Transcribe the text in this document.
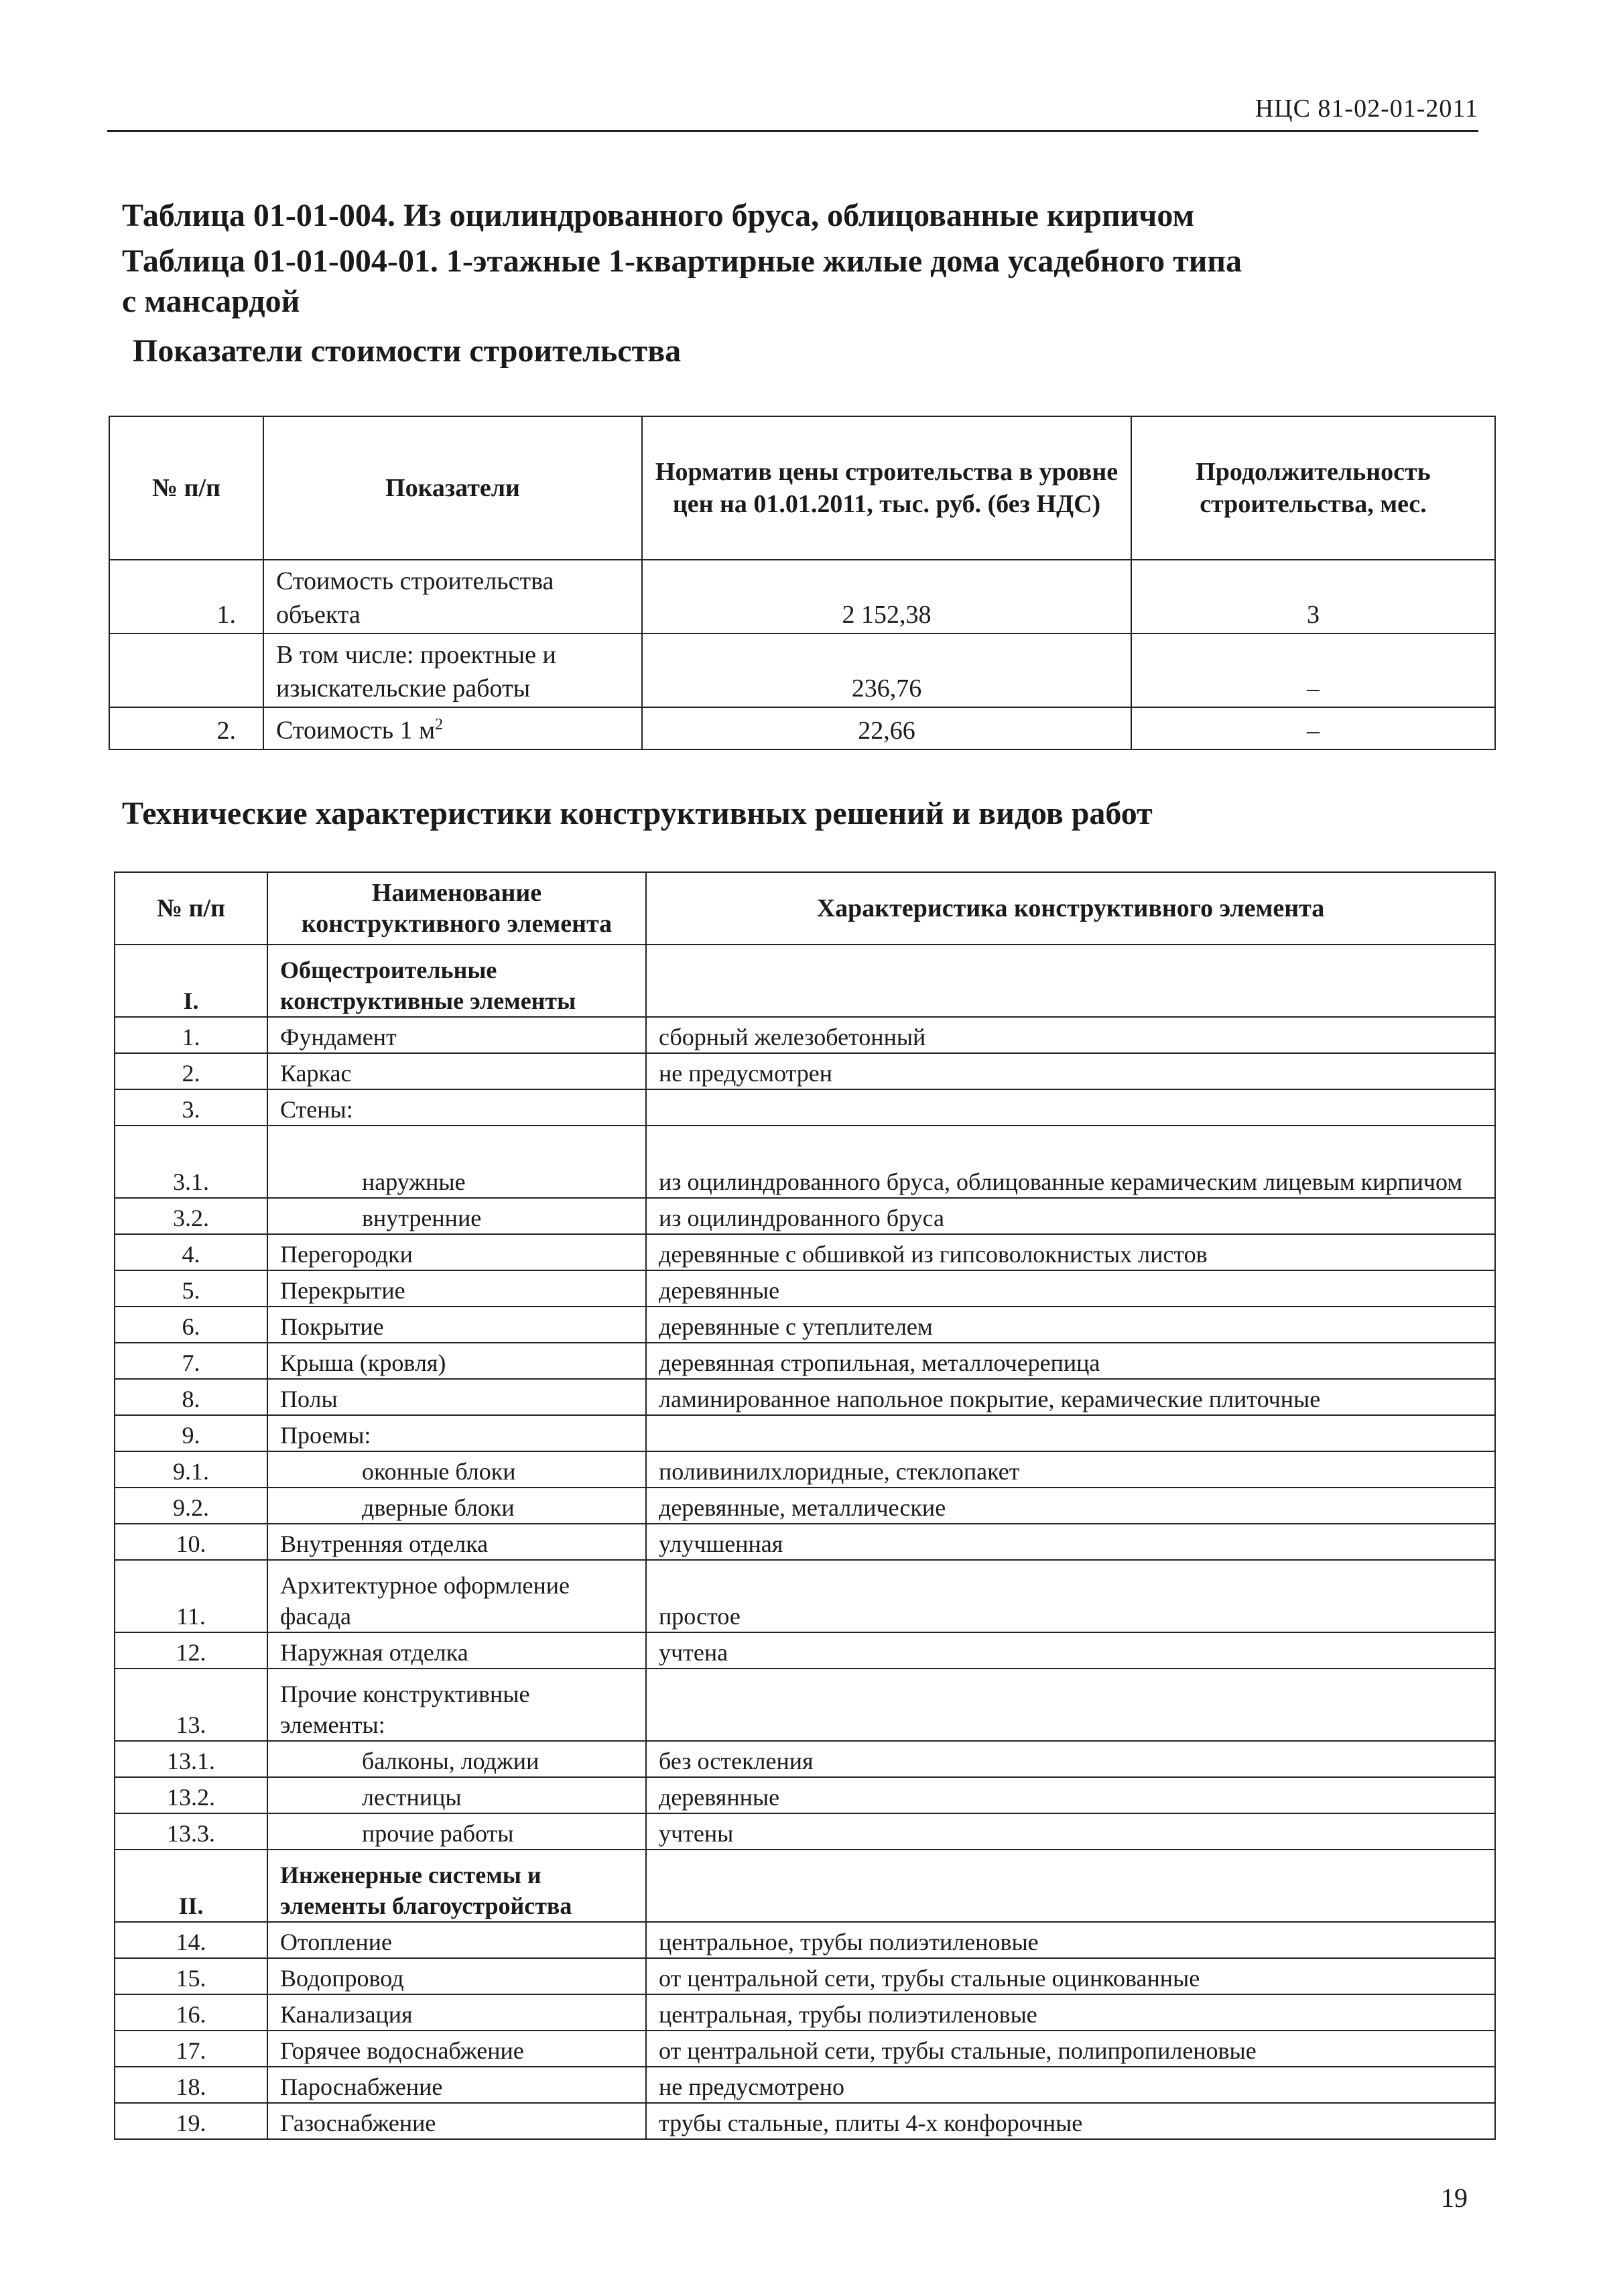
НЦС 81-02-01-2011
Таблица 01-01-004. Из оцилиндрованного бруса, облицованные кирпичом
Таблица 01-01-004-01. 1-этажные 1-квартирные жилые дома усадебного типа
с мансардой
Показатели стоимости строительства
№ п/п	Показатели	Норматив цены строительства в уровне цен на 01.01.2011, тыс. руб. (без НДС)	Продолжительность строительства, мес.
1.	Стоимость строительства объекта	2 152,38	3
	В том числе: проектные и изыскательские работы	236,76	–
2.	Стоимость 1 $м^2$	22,66	–
Технические характеристики конструктивных решений и видов работ
№ п/п	Наименование конструктивного элемента	Характеристика конструктивного элемента
I.	Общестроительные конструктивные элементы	
1.	Фундамент	сборный железобетонный
2.	Каркас	не предусмотрен
3.	Стены:	
3.1.	наружные	из оцилиндрованного бруса, облицованные керамическим лицевым кирпичом
3.2.	внутренние	из оцилиндрованного бруса
4.	Перегородки	деревянные с обшивкой из гипсоволокнистых листов
5.	Перекрытие	деревянные
6.	Покрытие	деревянные с утеплителем
7.	Крыша (кровля)	деревянная стропильная, металлочерепица
8.	Полы	ламинированное напольное покрытие, керамические плиточные
9.	Проемы:	
9.1.	оконные блоки	поливинилхлоридные, стеклопакет
9.2.	дверные блоки	деревянные, металлические
10.	Внутренняя отделка	улучшенная
11.	Архитектурное оформление фасада	простое
12.	Наружная отделка	учтена
13.	Прочие конструктивные элементы:	
13.1.	балконы, лоджии	без остекления
13.2.	лестницы	деревянные
13.3.	прочие работы	учтены
II.	Инженерные системы и элементы благоустройства	
14.	Отопление	центральное, трубы полиэтиленовые
15.	Водопровод	от центральной сети, трубы стальные оцинкованные
16.	Канализация	центральная, трубы полиэтиленовые
17.	Горячее водоснабжение	от центральной сети, трубы стальные, полипропиленовые
18.	Пароснабжение	не предусмотрено
19.	Газоснабжение	трубы стальные, плиты 4-х конфорочные
19
